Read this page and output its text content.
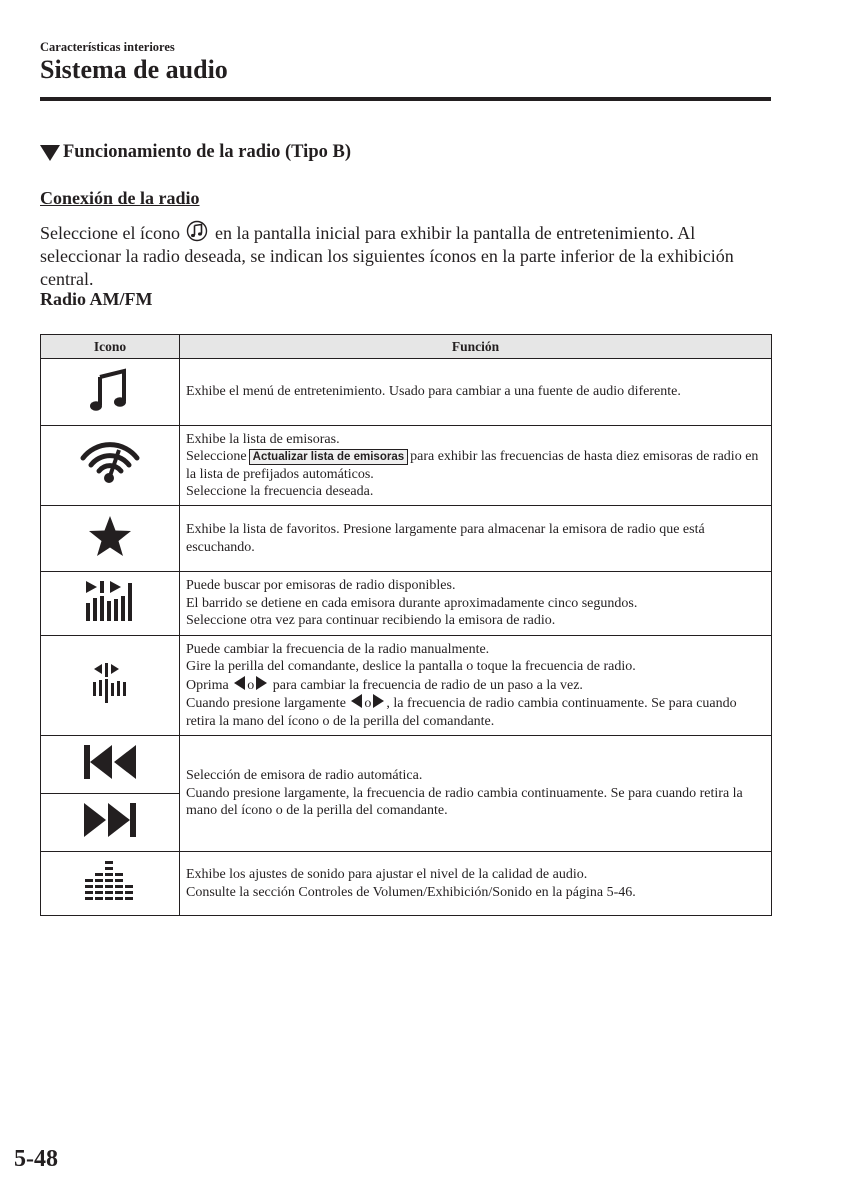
Características interiores
Sistema de audio
Funcionamiento de la radio (Tipo B)
Conexión de la radio
Seleccione el ícono en la pantalla inicial para exhibir la pantalla de entretenimiento. Al seleccionar la radio deseada, se indican los siguientes íconos en la parte inferior de la exhibición central.
Radio AM/FM
Icono	Función

Exhibe el menú de entretenimiento. Usado para cambiar a una fuente de audio diferente.

Exhibe la lista de emisoras.
Seleccione Actualizar lista de emisoras para exhibir las frecuencias de hasta diez emisoras de radio en la lista de prefijados automáticos.
Seleccione la frecuencia deseada.

Exhibe la lista de favoritos. Presione largamente para almacenar la emisora de radio que está escuchando.

Puede buscar por emisoras de radio disponibles.
El barrido se detiene en cada emisora durante aproximadamente cinco segundos.
Seleccione otra vez para continuar recibiendo la emisora de radio.

Puede cambiar la frecuencia de la radio manualmente.
Gire la perilla del comandante, deslice la pantalla o toque la frecuencia de radio.
Oprima o para cambiar la frecuencia de radio de un paso a la vez.
Cuando presione largamente o , la frecuencia de radio cambia continuamente. Se para cuando retira la mano del ícono o de la perilla del comandante.

Selección de emisora de radio automática.
Cuando presione largamente, la frecuencia de radio cambia continuamente. Se para cuando retira la mano del ícono o de la perilla del comandante.

Exhibe los ajustes de sonido para ajustar el nivel de la calidad de audio.
Consulte la sección Controles de Volumen/Exhibición/Sonido en la página 5-46.
5-48
